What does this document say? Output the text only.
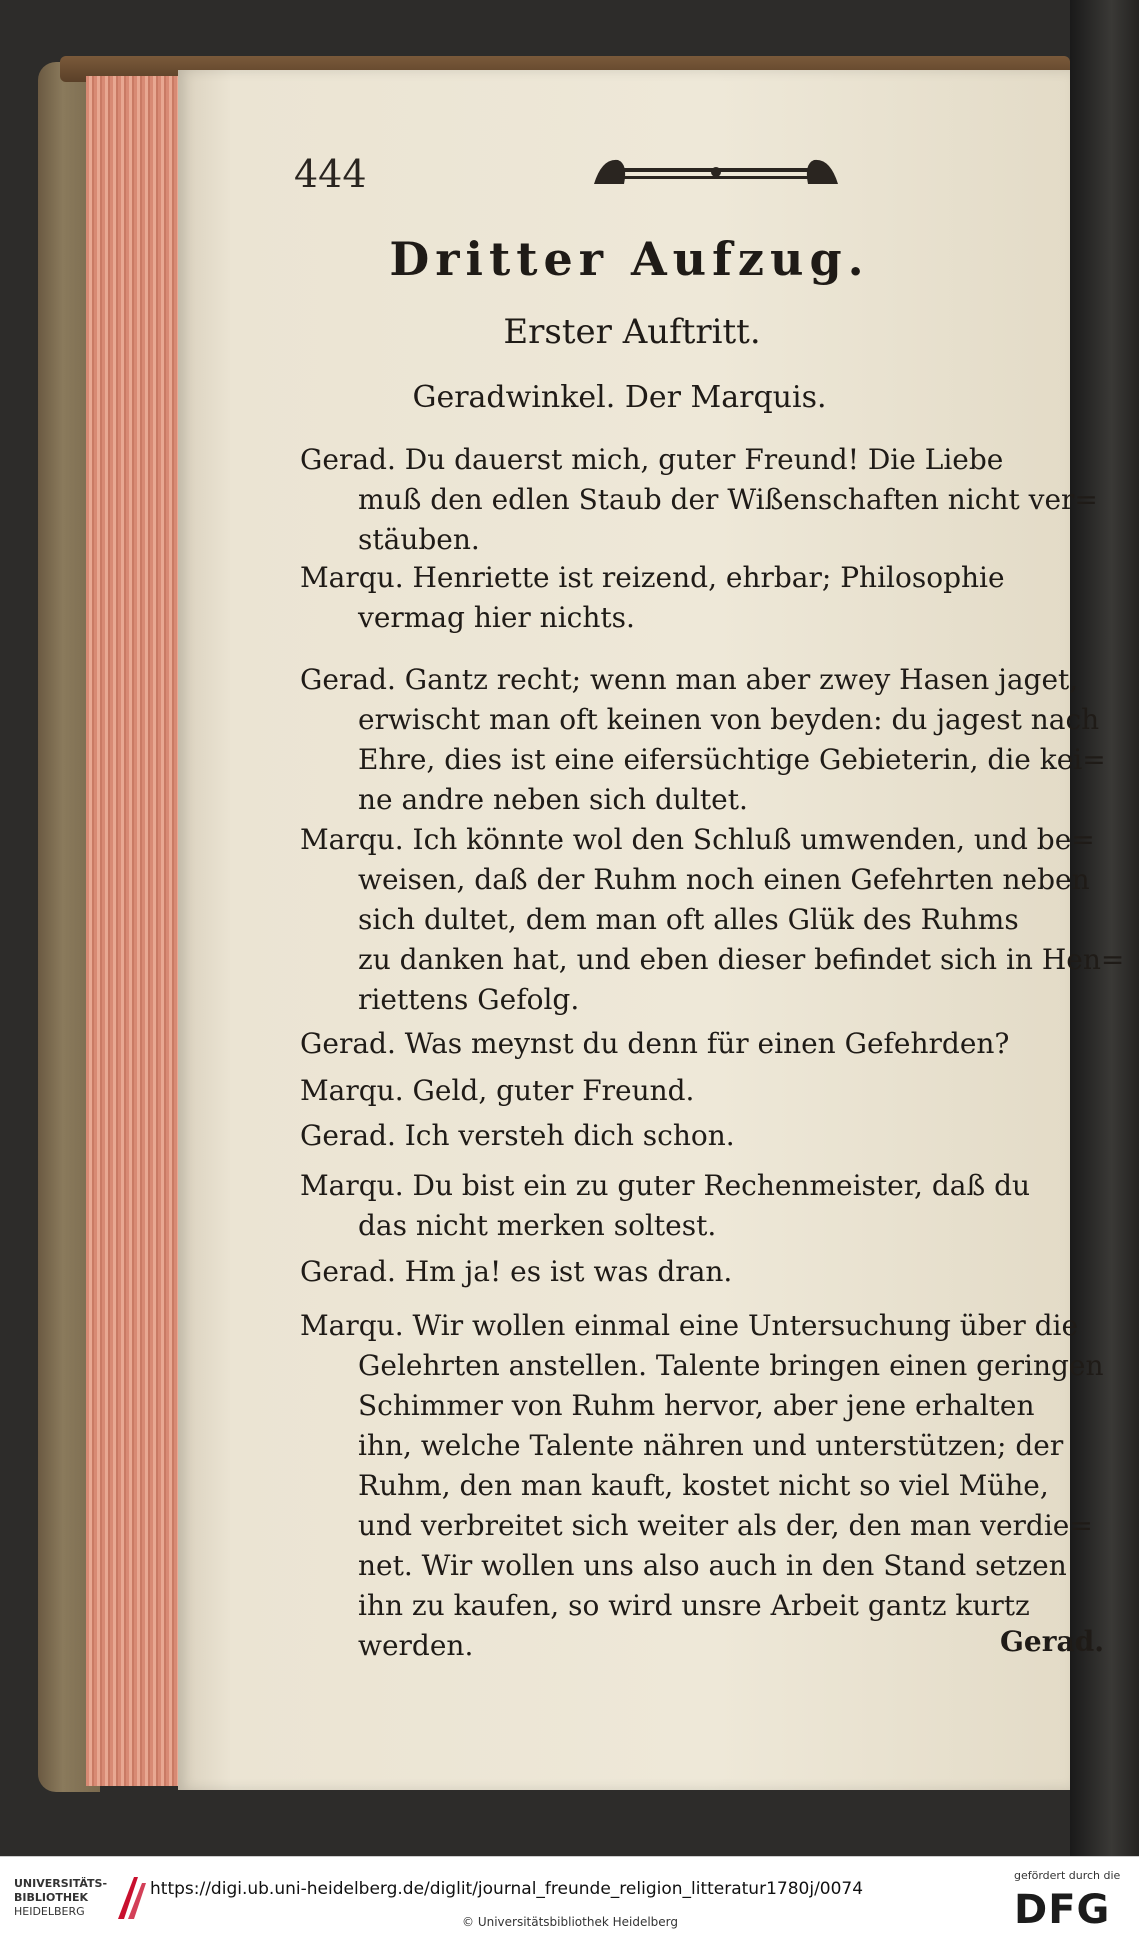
444
Dritter Aufzug.
Erster Auftritt.
Geradwinkel. Der Marquis.
Gerad. Du dauerst mich, guter Freund! Die Liebe
muß den edlen Staub der Wißenschaften nicht ver=
stäuben.
Marqu. Henriette ist reizend, ehrbar; Philosophie
vermag hier nichts.
Gerad. Gantz recht; wenn man aber zwey Hasen jaget,
erwischt man oft keinen von beyden: du jagest nach
Ehre, dies ist eine eifersüchtige Gebieterin, die kei=
ne andre neben sich dultet.
Marqu. Ich könnte wol den Schluß umwenden, und be=
weisen, daß der Ruhm noch einen Gefehrten neben
sich dultet, dem man oft alles Glük des Ruhms
zu danken hat, und eben dieser befindet sich in Hen=
riettens Gefolg.
Gerad. Was meynst du denn für einen Gefehrden?
Marqu. Geld, guter Freund.
Gerad. Ich versteh dich schon.
Marqu. Du bist ein zu guter Rechenmeister, daß du
das nicht merken soltest.
Gerad. Hm ja! es ist was dran.
Marqu. Wir wollen einmal eine Untersuchung über die
Gelehrten anstellen. Talente bringen einen geringen
Schimmer von Ruhm hervor, aber jene erhalten
ihn, welche Talente nähren und unterstützen; der
Ruhm, den man kauft, kostet nicht so viel Mühe,
und verbreitet sich weiter als der, den man verdie=
net. Wir wollen uns also auch in den Stand setzen
ihn zu kaufen, so wird unsre Arbeit gantz kurtz
werden.	Gerad.
UNIVERSITÄTS-
BIBLIOTHEK
HEIDELBERG
https://digi.ub.uni-heidelberg.de/diglit/journal_freunde_religion_litteratur1780j/0074
© Universitätsbibliothek Heidelberg
gefördert durch die
DFG
